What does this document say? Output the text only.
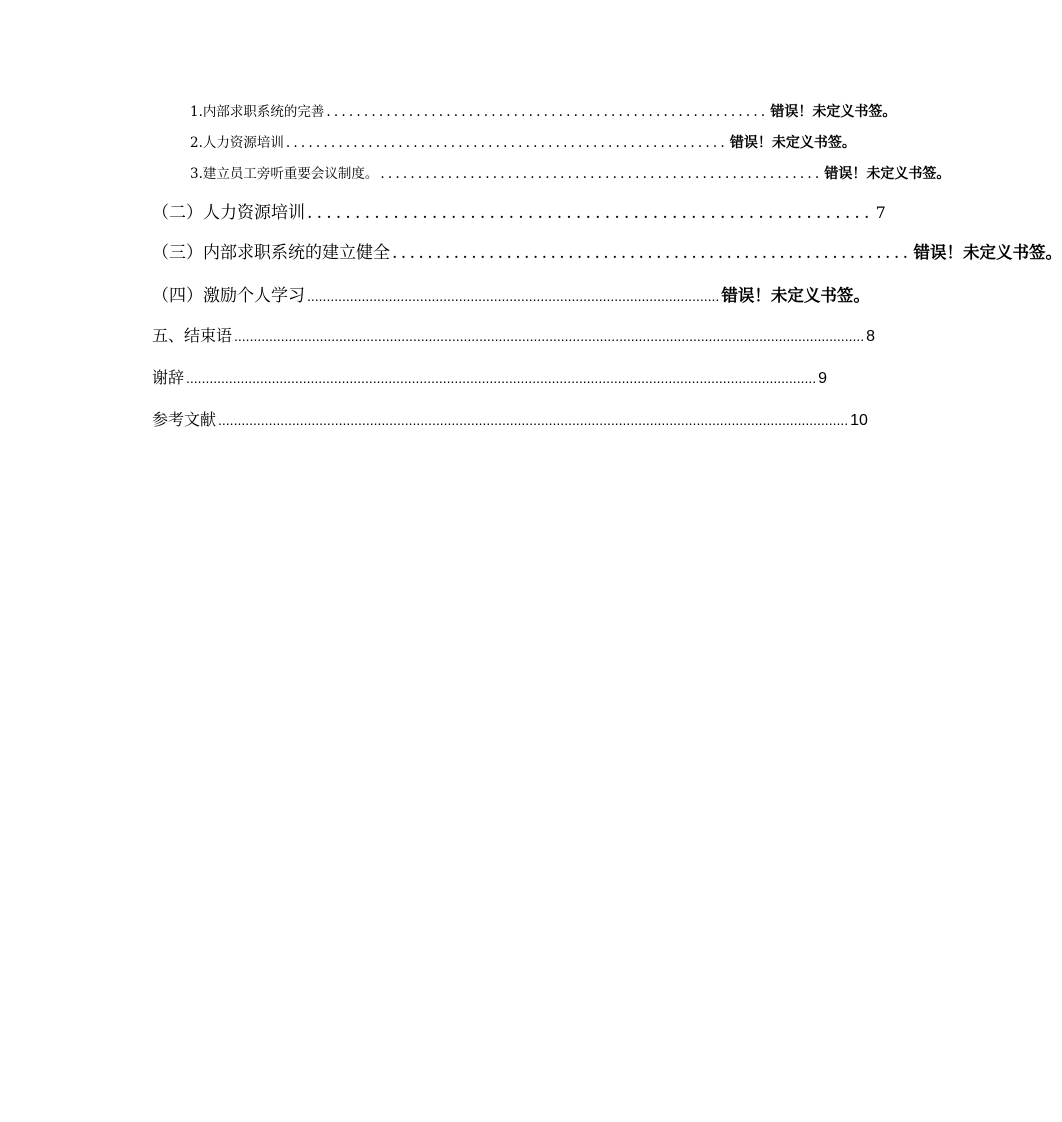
1.内部求职系统的完善 ........................................................... 错误！未定义书签。
2.人力资源培训 ........................................................... 错误！未定义书签。
3.建立员工旁听重要会议制度。 ........................................................... 错误！未定义书签。
（二）人力资源培训 ........................................................... 7
（三）内部求职系统的建立健全 ........................................................... 错误！未定义书签。
（四）激励个人学习 .......................................................................................................... 错误！未定义书签。
五、结束语 .................................................................................................................................................................. 8
谢辞 .................................................................................................................................................................. 9
参考文献 .................................................................................................................................................................. 10
